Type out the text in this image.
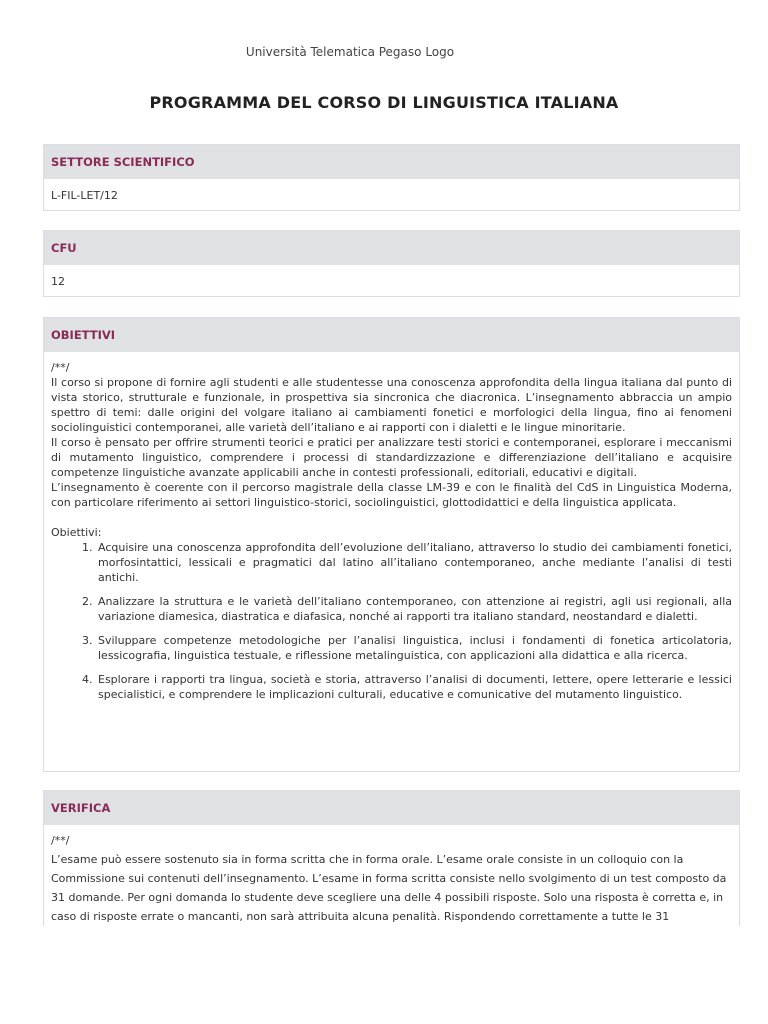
Università Telematica Pegaso Logo
PROGRAMMA DEL CORSO DI LINGUISTICA ITALIANA
SETTORE SCIENTIFICO
L-FIL-LET/12
CFU
12
OBIETTIVI

/**/

Il corso si propone di fornire agli studenti e alle studentesse una conoscenza approfondita della lingua italiana dal punto di vista storico, strutturale e funzionale, in prospettiva sia sincronica che diacronica. L’insegnamento abbraccia un ampio spettro di temi: dalle origini del volgare italiano ai cambiamenti fonetici e morfologici della lingua, fino ai fenomeni sociolinguistici contemporanei, alle varietà dell’italiano e ai rapporti con i dialetti e le lingue minoritarie.

Il corso è pensato per offrire strumenti teorici e pratici per analizzare testi storici e contemporanei, esplorare i meccanismi di mutamento linguistico, comprendere i processi di standardizzazione e differenziazione dell’italiano e acquisire competenze linguistiche avanzate applicabili anche in contesti professionali, editoriali, educativi e digitali.

L’insegnamento è coerente con il percorso magistrale della classe LM-39 e con le finalità del CdS in Linguistica Moderna, con particolare riferimento ai settori linguistico-storici, sociolinguistici, glottodidattici e della linguistica applicata.

Obiettivi:

1. Acquisire una conoscenza approfondita dell’evoluzione dell’italiano, attraverso lo studio dei cambiamenti fonetici, morfosintattici, lessicali e pragmatici dal latino all’italiano contemporaneo, anche mediante l’analisi di testi antichi.
2. Analizzare la struttura e le varietà dell’italiano contemporaneo, con attenzione ai registri, agli usi regionali, alla variazione diamesica, diastratica e diafasica, nonché ai rapporti tra italiano standard, neostandard e dialetti.
3. Sviluppare competenze metodologiche per l’analisi linguistica, inclusi i fondamenti di fonetica articolatoria, lessicografia, linguistica testuale, e riflessione metalinguistica, con applicazioni alla didattica e alla ricerca.
4. Esplorare i rapporti tra lingua, società e storia, attraverso l’analisi di documenti, lettere, opere letterarie e lessici specialistici, e comprendere le implicazioni culturali, educative e comunicative del mutamento linguistico.
VERIFICA

/**/

L’esame può essere sostenuto sia in forma scritta che in forma orale. L’esame orale consiste in un colloquio con la Commissione sui contenuti dell’insegnamento. L’esame in forma scritta consiste nello svolgimento di un test composto da 31 domande. Per ogni domanda lo studente deve scegliere una delle 4 possibili risposte. Solo una risposta è corretta e, in caso di risposte errate o mancanti, non sarà attribuita alcuna penalità. Rispondendo correttamente a tutte le 31
